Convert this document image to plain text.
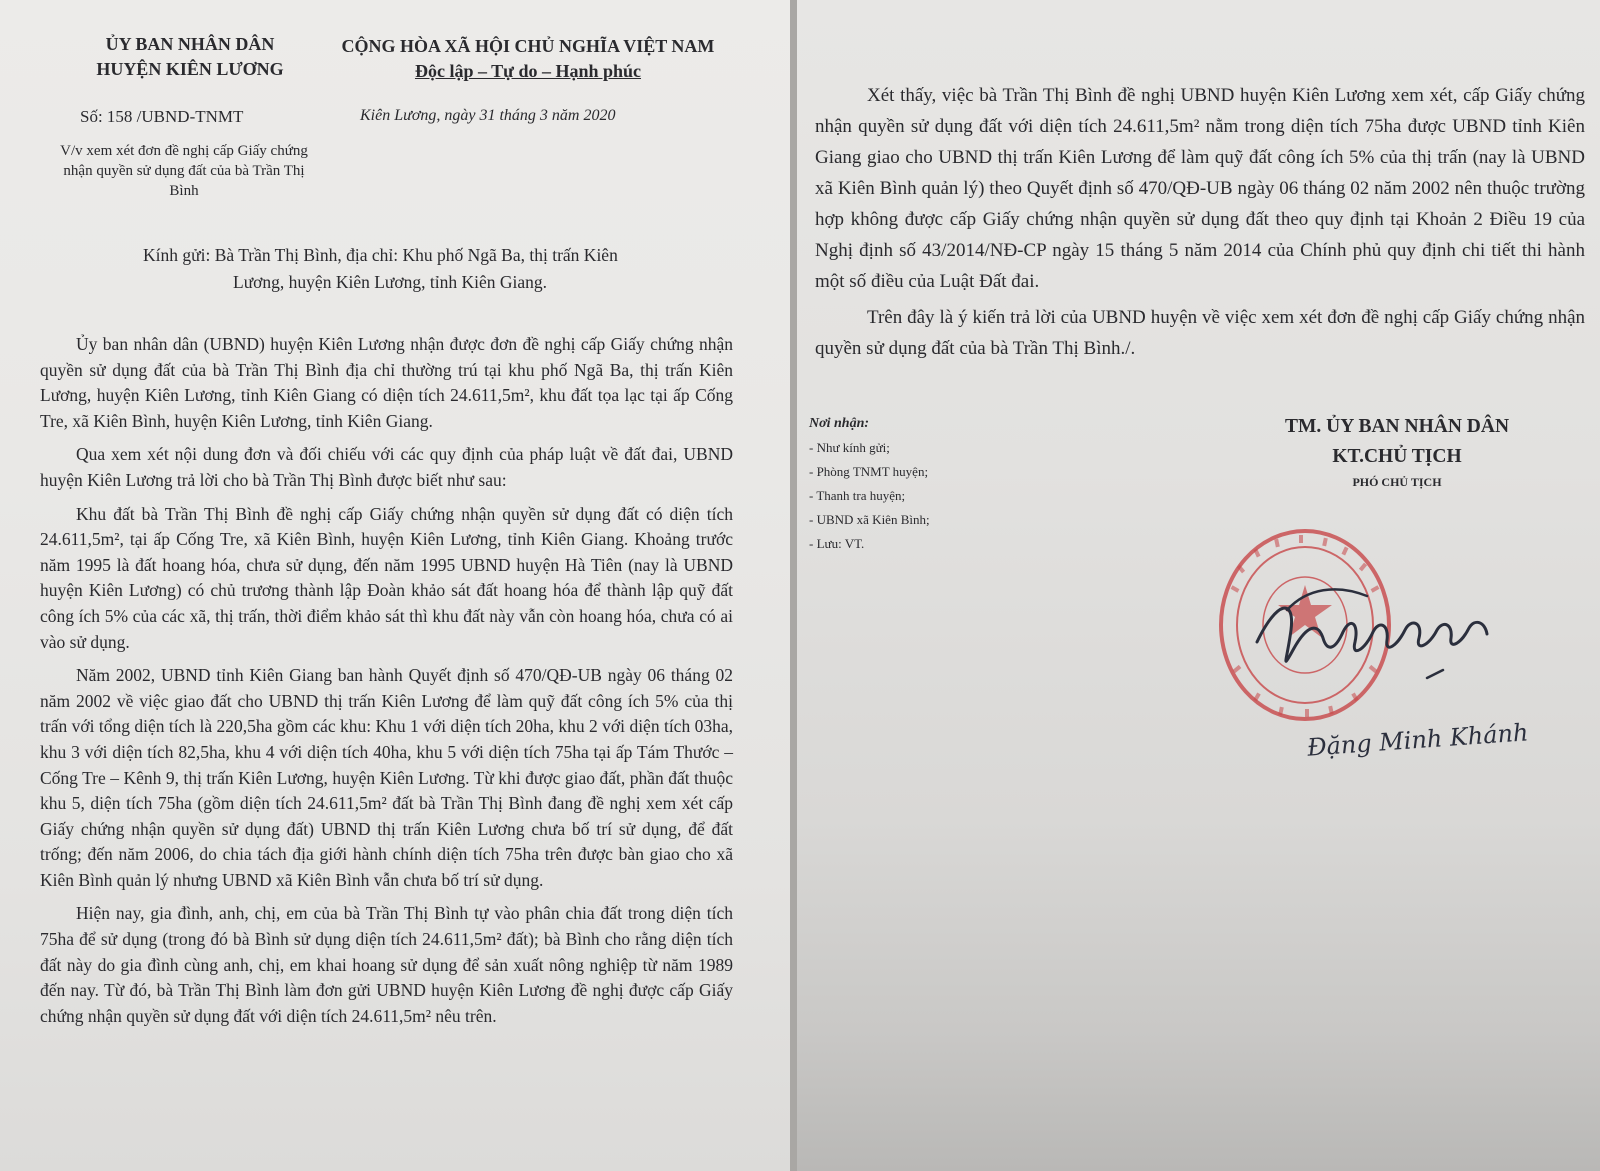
ỦY BAN NHÂN DÂN
HUYỆN KIÊN LƯƠNG
CỘNG HÒA XÃ HỘI CHỦ NGHĨA VIỆT NAM
Độc lập – Tự do – Hạnh phúc
Số: 158 /UBND-TNMT	Kiên Lương, ngày 31 tháng 3 năm 2020
V/v xem xét đơn đề nghị cấp Giấy chứng nhận quyền sử dụng đất của bà Trần Thị Bình
Kính gửi: Bà Trần Thị Bình, địa chỉ: Khu phố Ngã Ba, thị trấn Kiên
Lương, huyện Kiên Lương, tỉnh Kiên Giang.

Ủy ban nhân dân (UBND) huyện Kiên Lương nhận được đơn đề nghị cấp Giấy chứng nhận quyền sử dụng đất của bà Trần Thị Bình địa chỉ thường trú tại khu phố Ngã Ba, thị trấn Kiên Lương, huyện Kiên Lương, tỉnh Kiên Giang có diện tích 24.611,5m², khu đất tọa lạc tại ấp Cống Tre, xã Kiên Bình, huyện Kiên Lương, tỉnh Kiên Giang.

Qua xem xét nội dung đơn và đối chiếu với các quy định của pháp luật về đất đai, UBND huyện Kiên Lương trả lời cho bà Trần Thị Bình được biết như sau:

Khu đất bà Trần Thị Bình đề nghị cấp Giấy chứng nhận quyền sử dụng đất có diện tích 24.611,5m², tại ấp Cống Tre, xã Kiên Bình, huyện Kiên Lương, tỉnh Kiên Giang. Khoảng trước năm 1995 là đất hoang hóa, chưa sử dụng, đến năm 1995 UBND huyện Hà Tiên (nay là UBND huyện Kiên Lương) có chủ trương thành lập Đoàn khảo sát đất hoang hóa để thành lập quỹ đất công ích 5% của các xã, thị trấn, thời điểm khảo sát thì khu đất này vẫn còn hoang hóa, chưa có ai vào sử dụng.

Năm 2002, UBND tỉnh Kiên Giang ban hành Quyết định số 470/QĐ-UB ngày 06 tháng 02 năm 2002 về việc giao đất cho UBND thị trấn Kiên Lương để làm quỹ đất công ích 5% của thị trấn với tổng diện tích là 220,5ha gồm các khu: Khu 1 với diện tích 20ha, khu 2 với diện tích 03ha, khu 3 với diện tích 82,5ha, khu 4 với diện tích 40ha, khu 5 với diện tích 75ha tại ấp Tám Thước – Cống Tre – Kênh 9, thị trấn Kiên Lương, huyện Kiên Lương. Từ khi được giao đất, phần đất thuộc khu 5, diện tích 75ha (gồm diện tích 24.611,5m² đất bà Trần Thị Bình đang đề nghị xem xét cấp Giấy chứng nhận quyền sử dụng đất) UBND thị trấn Kiên Lương chưa bố trí sử dụng, để đất trống; đến năm 2006, do chia tách địa giới hành chính diện tích 75ha trên được bàn giao cho xã Kiên Bình quản lý nhưng UBND xã Kiên Bình vẫn chưa bố trí sử dụng.

Hiện nay, gia đình, anh, chị, em của bà Trần Thị Bình tự vào phân chia đất trong diện tích 75ha để sử dụng (trong đó bà Bình sử dụng diện tích 24.611,5m² đất); bà Bình cho rằng diện tích đất này do gia đình cùng anh, chị, em khai hoang sử dụng để sản xuất nông nghiệp từ năm 1989 đến nay. Từ đó, bà Trần Thị Bình làm đơn gửi UBND huyện Kiên Lương đề nghị được cấp Giấy chứng nhận quyền sử dụng đất với diện tích 24.611,5m² nêu trên.

Xét thấy, việc bà Trần Thị Bình đề nghị UBND huyện Kiên Lương xem xét, cấp Giấy chứng nhận quyền sử dụng đất với diện tích 24.611,5m² nằm trong diện tích 75ha được UBND tỉnh Kiên Giang giao cho UBND thị trấn Kiên Lương để làm quỹ đất công ích 5% của thị trấn (nay là UBND xã Kiên Bình quản lý) theo Quyết định số 470/QĐ-UB ngày 06 tháng 02 năm 2002 nên thuộc trường hợp không được cấp Giấy chứng nhận quyền sử dụng đất theo quy định tại Khoản 2 Điều 19 của Nghị định số 43/2014/NĐ-CP ngày 15 tháng 5 năm 2014 của Chính phủ quy định chi tiết thi hành một số điều của Luật Đất đai.

Trên đây là ý kiến trả lời của UBND huyện về việc xem xét đơn đề nghị cấp Giấy chứng nhận quyền sử dụng đất của bà Trần Thị Bình./.

Nơi nhận:
- Như kính gửi;
- Phòng TNMT huyện;
- Thanh tra huyện;
- UBND xã Kiên Bình;
- Lưu: VT.
TM. ỦY BAN NHÂN DÂN
KT.CHỦ TỊCH
PHÓ CHỦ TỊCH
Đặng Minh Khánh
